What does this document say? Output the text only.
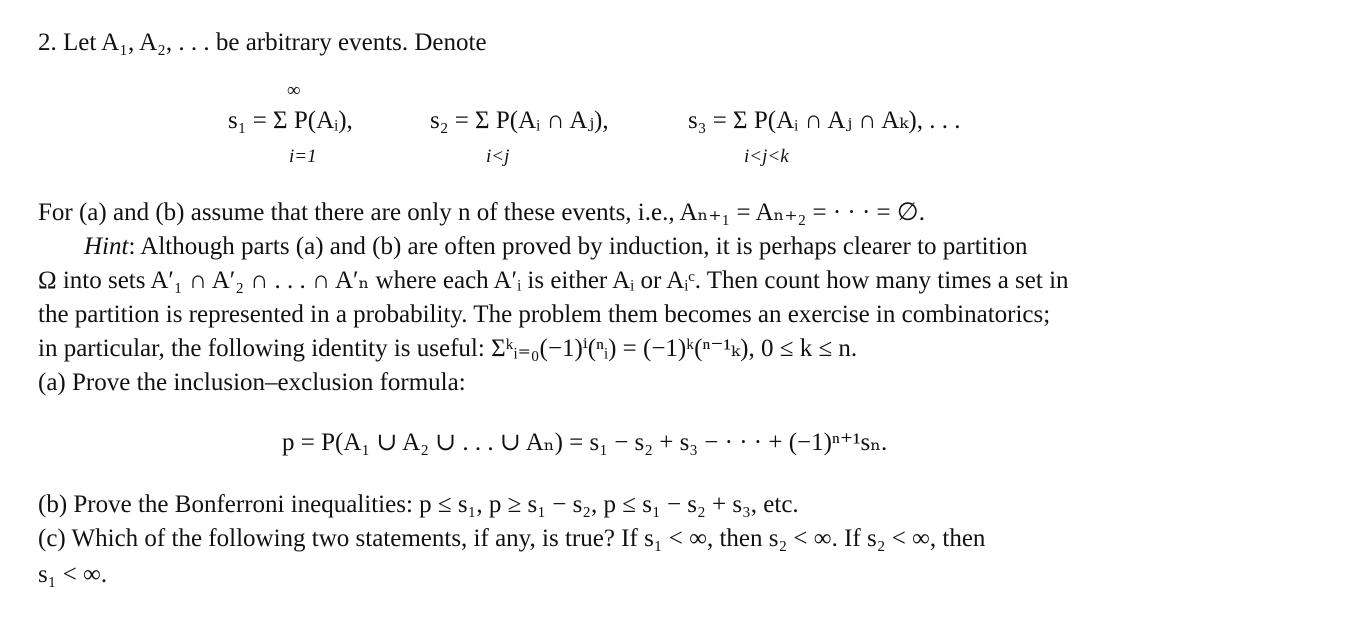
2. Let A₁, A₂, . . . be arbitrary events. Denote
s₁ = Σ P(Aᵢ),
∞
i=1
s₂ = Σ P(Aᵢ ∩ Aⱼ),
i<j
s₃ = Σ P(Aᵢ ∩ Aⱼ ∩ Aₖ), . . .
i<j<k
For (a) and (b) assume that there are only n of these events, i.e., Aₙ₊₁ = Aₙ₊₂ = · · · = ∅.
Hint: Although parts (a) and (b) are often proved by induction, it is perhaps clearer to partition
Ω into sets A′₁ ∩ A′₂ ∩ . . . ∩ A′ₙ where each A′ᵢ is either Aᵢ or Aᵢᶜ. Then count how many times a set in
the partition is represented in a probability. The problem them becomes an exercise in combinatorics;
in particular, the following identity is useful: Σᵏᵢ₌₀(−1)ⁱ(ⁿᵢ) = (−1)ᵏ(ⁿ⁻¹ₖ), 0 ≤ k ≤ n.
(a) Prove the inclusion–exclusion formula:
p = P(A₁ ∪ A₂ ∪ . . . ∪ Aₙ) = s₁ − s₂ + s₃ − · · · + (−1)ⁿ⁺¹sₙ.
(b) Prove the Bonferroni inequalities: p ≤ s₁, p ≥ s₁ − s₂, p ≤ s₁ − s₂ + s₃, etc.
(c) Which of the following two statements, if any, is true? If s₁ < ∞, then s₂ < ∞. If s₂ < ∞, then
s₁ < ∞.
